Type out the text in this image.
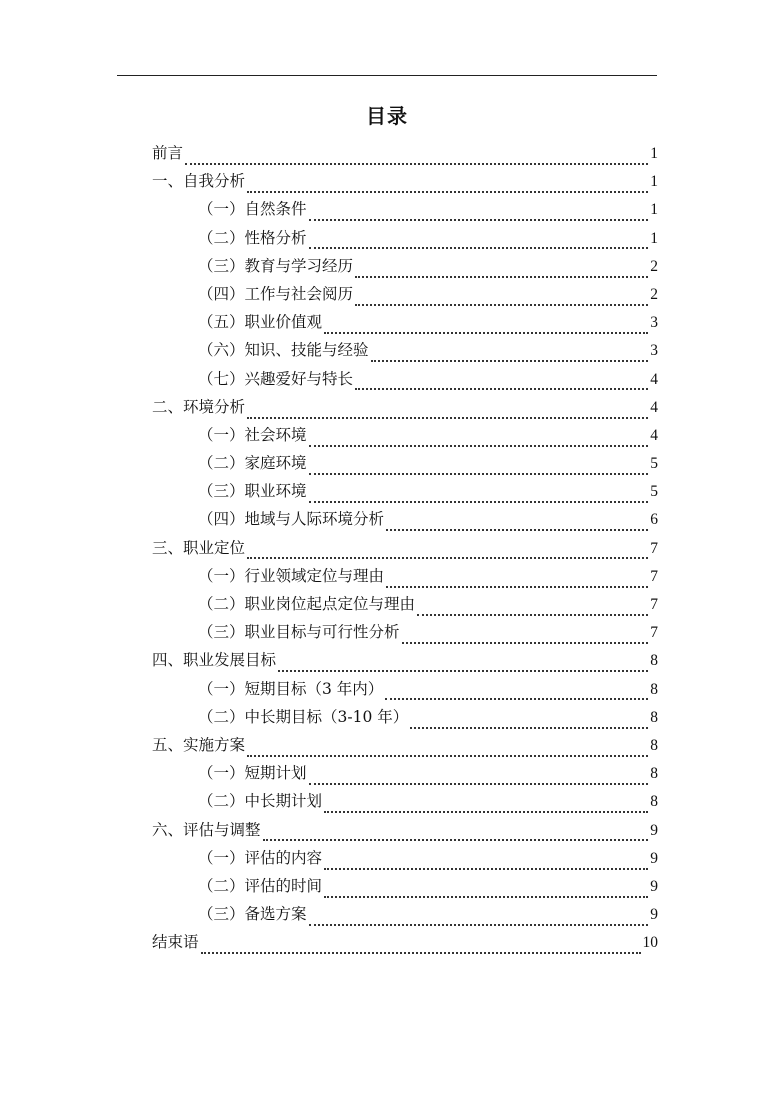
目录
前言	1
一、自我分析	1
（一）自然条件	1
（二）性格分析	1
（三）教育与学习经历	2
（四）工作与社会阅历	2
（五）职业价值观	3
（六）知识、技能与经验	3
（七）兴趣爱好与特长	4
二、环境分析	4
（一）社会环境	4
（二）家庭环境	5
（三）职业环境	5
（四）地域与人际环境分析	6
三、职业定位	7
（一）行业领域定位与理由	7
（二）职业岗位起点定位与理由	7
（三）职业目标与可行性分析	7
四、职业发展目标	8
（一）短期目标（3 年内）	8
（二）中长期目标（3-10 年）	8
五、实施方案	8
（一）短期计划	8
（二）中长期计划	8
六、评估与调整	9
（一）评估的内容	9
（二）评估的时间	9
（三）备选方案	9
结束语	10
